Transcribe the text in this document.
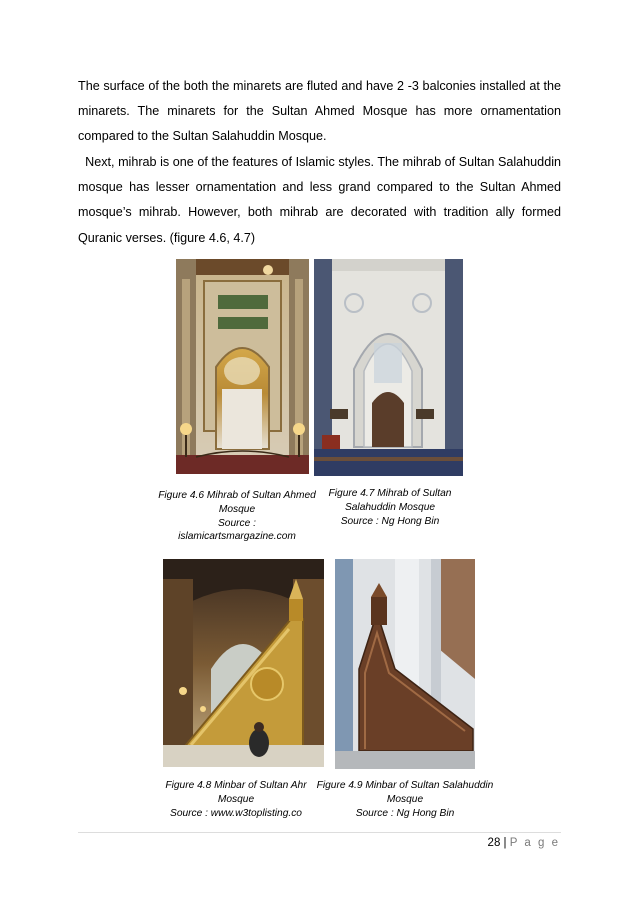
The surface of the both the minarets are fluted and have 2 -3 balconies installed at the minarets. The minarets for the Sultan Ahmed Mosque has more ornamentation compared to the Sultan Salahuddin Mosque.

Next, mihrab is one of the features of Islamic styles. The mihrab of Sultan Salahuddin mosque has lesser ornamentation and less grand compared to the Sultan Ahmed mosque’s mihrab. However, both mihrab are decorated with tradition ally formed Quranic verses. (figure 4.6, 4.7)

Figure 4.6 Mihrab of Sultan Ahmed
Mosque
Source : islamicartsmargazine.com
Figure 4.7 Mihrab of Sultan
Salahuddin Mosque
Source : Ng Hong Bin
Figure 4.8 Minbar of Sultan Ahr
Mosque
Source : www.w3toplisting.co
Figure 4.9 Minbar of Sultan Salahuddin
Mosque
Source : Ng Hong Bin
28 | P a g e
